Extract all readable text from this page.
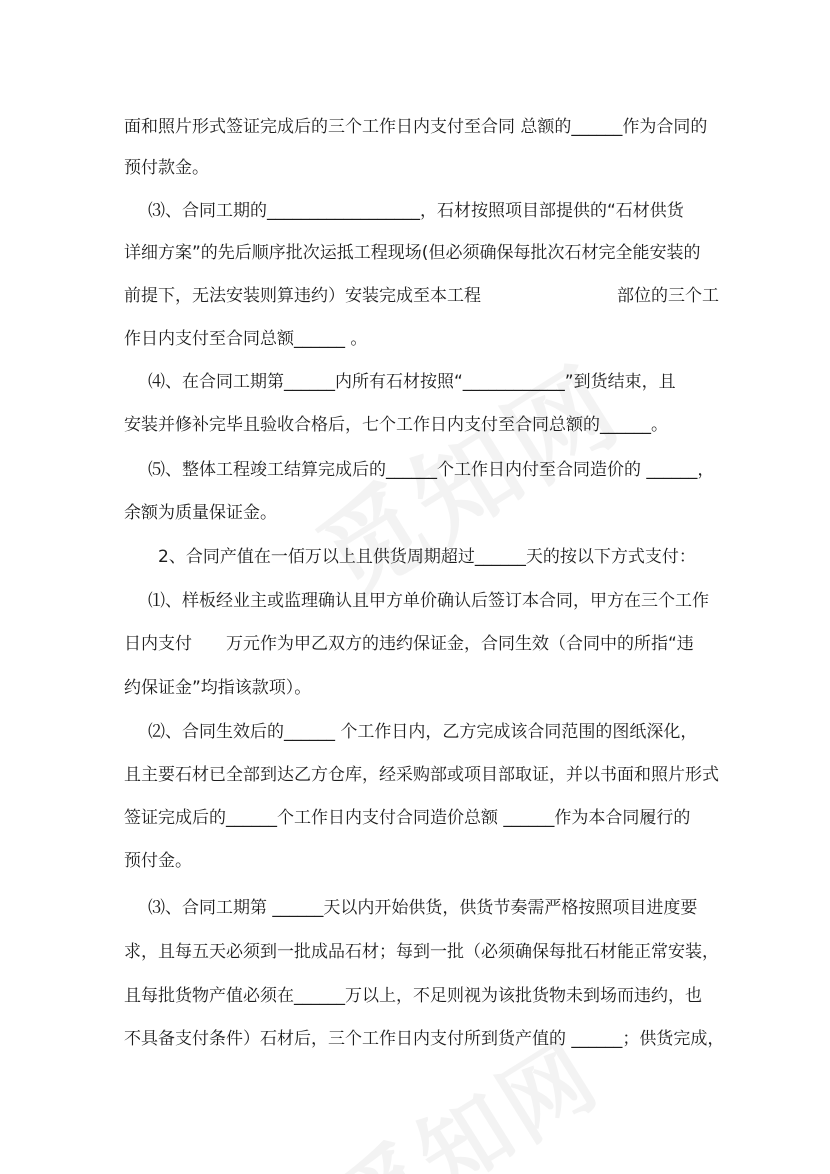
面和照片形式签证完成后的三个工作日内支付至合同 总额的______作为合同的
预付款金。
⑶、合同工期的__________________，石材按照项目部提供的“石材供货
详细方案”的先后顺序批次运抵工程现场(但必须确保每批次石材完全能安装的
前提下，无法安装则算违约）安装完成至本工程　　　　　　　　部位的三个工
作日内支付至合同总额______ 。
⑷、在合同工期第______内所有石材按照“____________”到货结束，且
安装并修补完毕且验收合格后，七个工作日内支付至合同总额的______。
⑸、整体工程竣工结算完成后的______个工作日内付至合同造价的 ______，
余额为质量保证金。
2、合同产值在一佰万以上且供货周期超过______天的按以下方式支付：
⑴、样板经业主或监理确认且甲方单价确认后签订本合同，甲方在三个工作
日内支付　　万元作为甲乙双方的违约保证金，合同生效（合同中的所指“违
约保证金”均指该款项）。
⑵、合同生效后的______ 个工作日内，乙方完成该合同范围的图纸深化，
且主要石材已全部到达乙方仓库，经采购部或项目部取证，并以书面和照片形式
签证完成后的______个工作日内支付合同造价总额 ______作为本合同履行的
预付金。
⑶、合同工期第 ______天以内开始供货，供货节奏需严格按照项目进度要
求，且每五天必须到一批成品石材；每到一批（必须确保每批石材能正常安装，
且每批货物产值必须在______万以上，不足则视为该批货物未到场而违约，也
不具备支付条件）石材后，三个工作日内支付所到货产值的 ______；供货完成，
